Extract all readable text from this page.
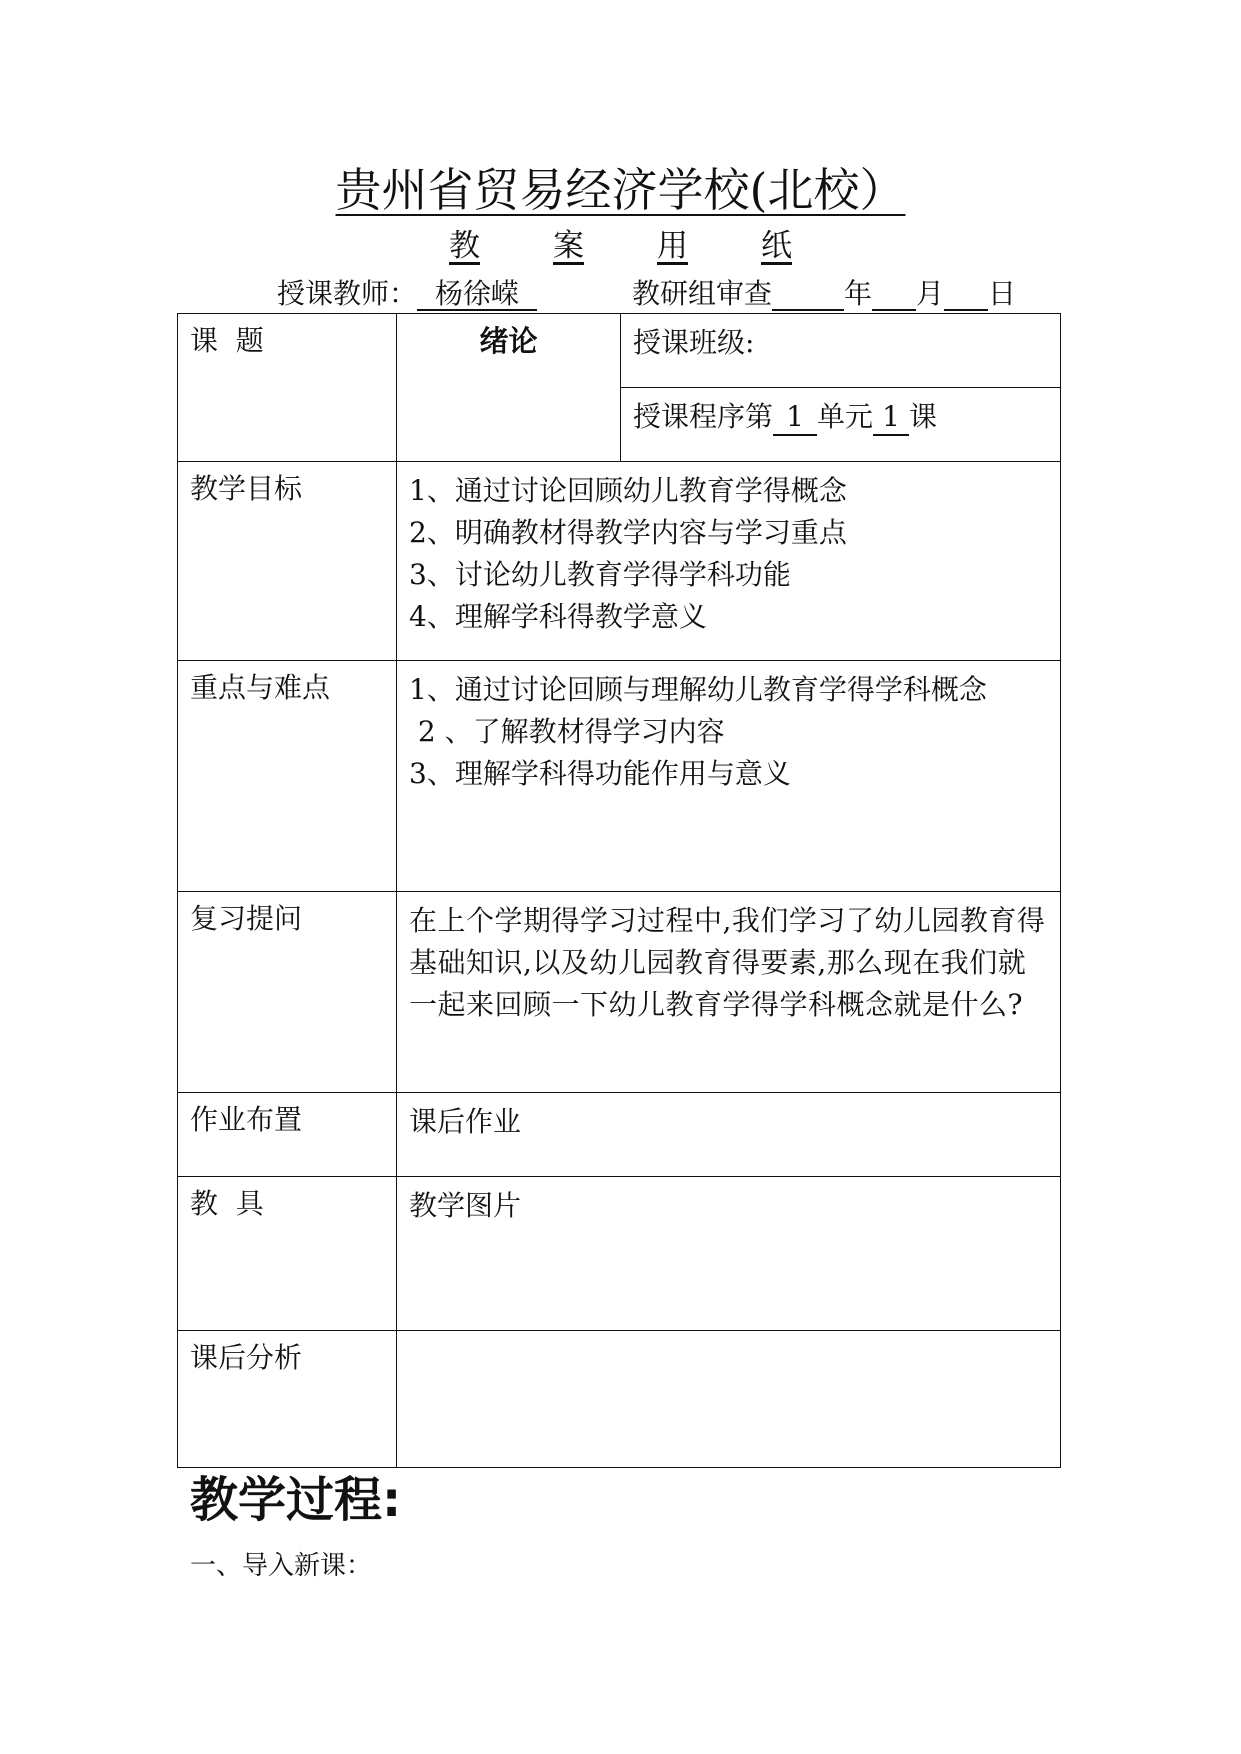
贵州省贸易经济学校(北校）
教 案 用 纸
授课教师： 杨徐嵘	教研组审查	年 月 日
课  题	绪论	授课班级:
		授课程序第 1 单元 1 课
教学目标	1、通过讨论回顾幼儿教育学得概念
2、明确教材得教学内容与学习重点
3、讨论幼儿教育学得学科功能
4、理解学科得教学意义	

重点与难点	1、通过讨论回顾与理解幼儿教育学得学科概念
2 、了解教材得学习内容
3、理解学科得功能作用与意义	

复习提问	在上个学期得学习过程中,我们学习了幼儿园教育得基础知识,以及幼儿园教育得要素,那么现在我们就一起来回顾一下幼儿教育学得学科概念就是什么?	
作业布置	课后作业	
教  具	教学图片	
课后分析		
教学过程:
一、导入新课：
